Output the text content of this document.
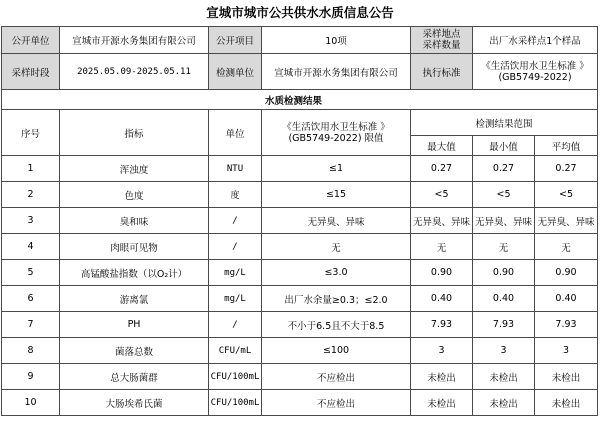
宣城市城市公共供水水质信息公告
公开单位	宣城市开源水务集团有限公司	公开项目	10项	采样地点
采样数量	出厂水采样点1个样品	
采样时段	2025.05.09-2025.05.11	检测单位	宣城市开源水务集团有限公司	执行标准	《生活饮用水卫生标准 》
(GB5749-2022)	
水质检测结果						
序号	指标	单位	《生活饮用水卫生标准 》
(GB5749-2022) 限值	检测结果范围		
				最大值	最小值	平均值
1	浑浊度	NTU	≤1	0.27	0.27	0.27
2	色度	度	≤15	<5	<5	<5
3	臭和味	/	无异臭、异味	无异臭、异味	无异臭、异味	无异臭、异味
4	肉眼可见物	/	无	无	无	无
5	高锰酸盐指数（以O₂计）	mg/L	≤3.0	0.90	0.90	0.90
6	游离氯	mg/L	出厂水余量≥0.3；≤2.0	0.40	0.40	0.40
7	PH	/	不小于6.5且不大于8.5	7.93	7.93	7.93
8	菌落总数	CFU/mL	≤100	3	3	3
9	总大肠菌群	CFU/100mL	不应检出	未检出	未检出	未检出
10	大肠埃希氏菌	CFU/100mL	不应检出	未检出	未检出	未检出
